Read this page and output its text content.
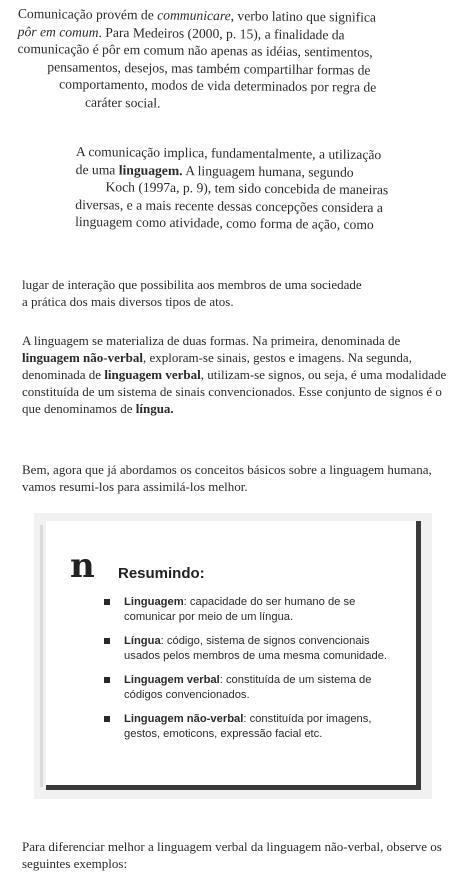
Comunicação provém de communicare, verbo latino que significa
pôr em comum. Para Medeiros (2000, p. 15), a finalidade da
comunicação é pôr em comum não apenas as idéias, sentimentos,
pensamentos, desejos, mas também compartilhar formas de
comportamento, modos de vida determinados por regra de
caráter social.
A comunicação implica, fundamentalmente, a utilização
de uma linguagem. A linguagem humana, segundo
Koch (1997a, p. 9), tem sido concebida de maneiras
diversas, e a mais recente dessas concepções considera a
linguagem como atividade, como forma de ação, como
lugar de interação que possibilita aos membros de uma sociedade
a prática dos mais diversos tipos de atos.
A linguagem se materializa de duas formas. Na primeira, denominada de linguagem não-verbal, exploram-se sinais, gestos e imagens. Na segunda, denominada de linguagem verbal, utilizam-se signos, ou seja, é uma modalidade constituída de um sistema de sinais convencionados. Esse conjunto de signos é o que denominamos de língua.
Bem, agora que já abordamos os conceitos básicos sobre a linguagem humana, vamos resumi-los para assimilá-los melhor.
n Resumindo:
Linguagem: capacidade do ser humano de se comunicar por meio de um língua.
Língua: código, sistema de signos convencionais usados pelos membros de uma mesma comunidade.
Linguagem verbal: constituída de um sistema de códigos convencionados.
Linguagem não-verbal: constituída por imagens, gestos, emoticons, expressão facial etc.
Para diferenciar melhor a linguagem verbal da linguagem não-verbal, observe os seguintes exemplos:
